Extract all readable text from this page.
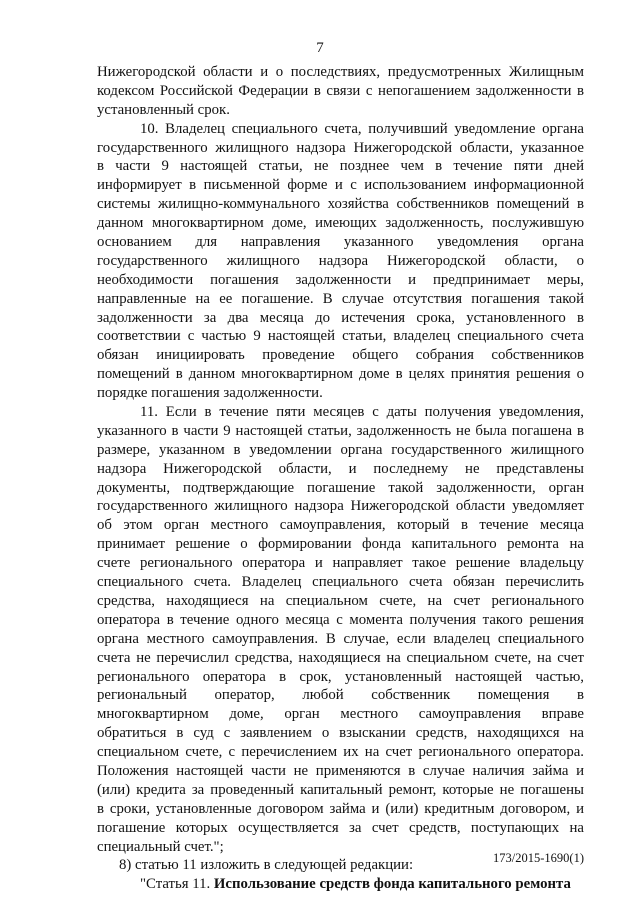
7
Нижегородской области и о последствиях, предусмотренных Жилищным
кодексом Российской Федерации в связи с непогашением задолженности в
установленный срок.
10. Владелец специального счета, получивший уведомление органа
государственного жилищного надзора Нижегородской области, указанное
в части 9 настоящей статьи, не позднее чем в течение пяти дней
информирует в письменной форме и с использованием информационной
системы жилищно-коммунального хозяйства собственников помещений в
данном многоквартирном доме, имеющих задолженность, послужившую
основанием для направления указанного уведомления органа
государственного жилищного надзора Нижегородской области, о
необходимости погашения задолженности и предпринимает меры,
направленные на ее погашение. В случае отсутствия погашения такой
задолженности за два месяца до истечения срока, установленного в
соответствии с частью 9 настоящей статьи, владелец специального счета
обязан инициировать проведение общего собрания собственников
помещений в данном многоквартирном доме в целях принятия решения о
порядке погашения задолженности.
11. Если в течение пяти месяцев с даты получения уведомления,
указанного в части 9 настоящей статьи, задолженность не была погашена в
размере, указанном в уведомлении органа государственного жилищного
надзора Нижегородской области, и последнему не представлены
документы, подтверждающие погашение такой задолженности, орган
государственного жилищного надзора Нижегородской области уведомляет
об этом орган местного самоуправления, который в течение месяца
принимает решение о формировании фонда капитального ремонта на
счете регионального оператора и направляет такое решение владельцу
специального счета. Владелец специального счета обязан перечислить
средства, находящиеся на специальном счете, на счет регионального
оператора в течение одного месяца с момента получения такого решения
органа местного самоуправления. В случае, если владелец специального
счета не перечислил средства, находящиеся на специальном счете, на счет
регионального оператора в срок, установленный настоящей частью,
региональный оператор, любой собственник помещения в
многоквартирном доме, орган местного самоуправления вправе
обратиться в суд с заявлением о взыскании средств, находящихся на
специальном счете, с перечислением их на счет регионального оператора.
Положения настоящей части не применяются в случае наличия займа и
(или) кредита за проведенный капитальный ремонт, которые не погашены
в сроки, установленные договором займа и (или) кредитным договором, и
погашение которых осуществляется за счет средств, поступающих на
специальный счет.";
8) статью 11 изложить в следующей редакции:
"Статья 11. Использование средств фонда капитального ремонта
173/2015-1690(1)
